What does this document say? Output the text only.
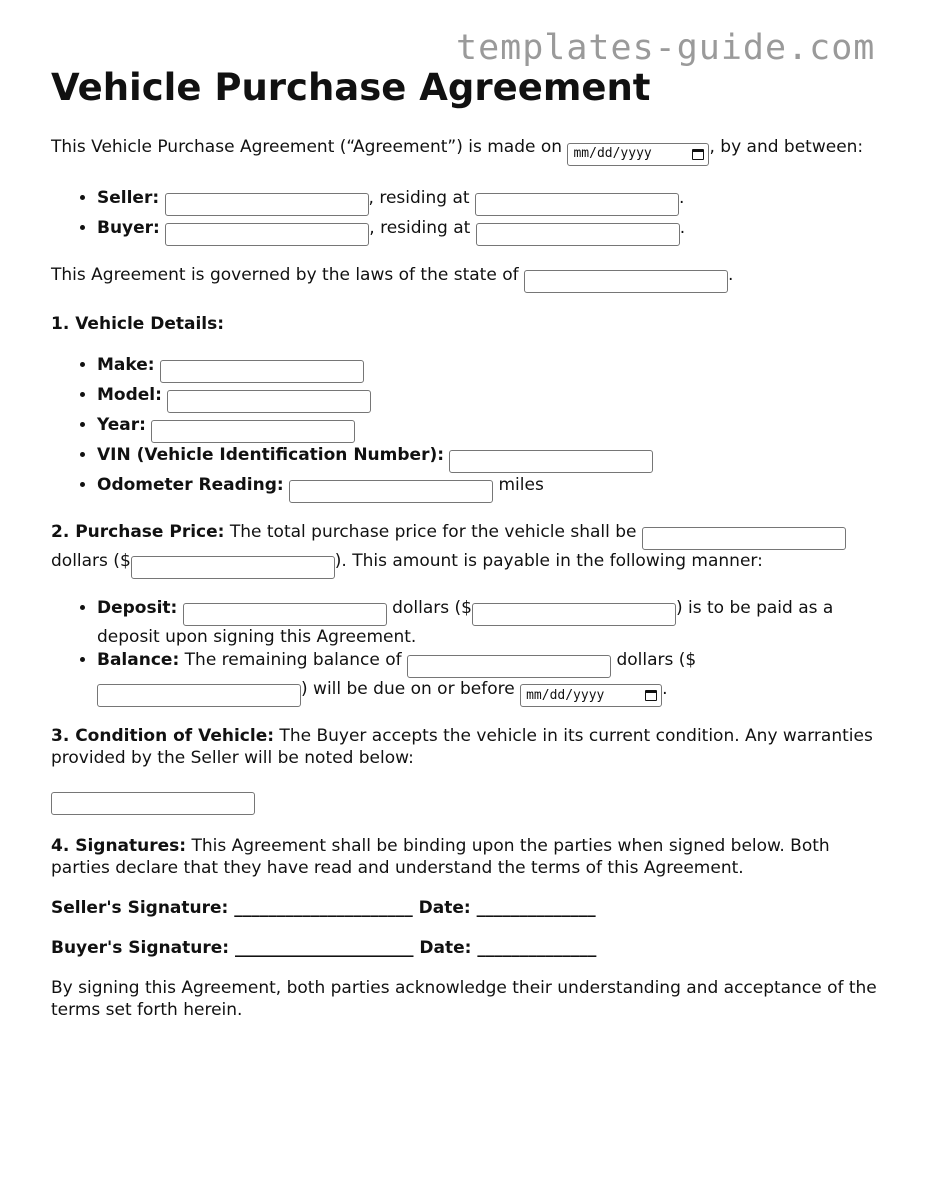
templates-guide.com
Vehicle Purchase Agreement

This Vehicle Purchase Agreement (“Agreement”) is made on mm/dd/yyyy	, by and between:

• Seller:	, residing at	.
• Buyer:	, residing at	.

This Agreement is governed by the laws of the state of	.

1. Vehicle Details:

• Make:
• Model:
• Year:
• VIN (Vehicle Identification Number):
• Odometer Reading:	miles

2. Purchase Price: The total purchase price for the vehicle shall be  dollars ($	). This amount is payable in the following manner:

• Deposit:	dollars ($	) is to be paid as a deposit upon signing this Agreement.
• Balance: The remaining balance of	dollars ($) will be due on or before mm/dd/yyyy	.

3. Condition of Vehicle: The Buyer accepts the vehicle in its current condition. Any warranties provided by the Seller will be noted below:

4. Signatures: This Agreement shall be binding upon the parties when signed below. Both parties declare that they have read and understand the terms of this Agreement.

Seller's Signature: _____________________ Date: ______________

Buyer's Signature: _____________________ Date: ______________

By signing this Agreement, both parties acknowledge their understanding and acceptance of the terms set forth herein.
